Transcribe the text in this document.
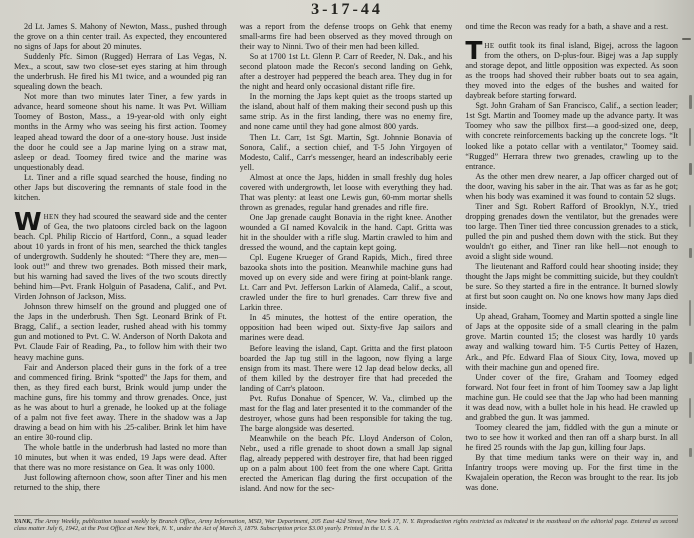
3-17-44

2d Lt. James S. Mahony of Newton, Mass., pushed through the grove on a thin center trail. As expected, they encountered no signs of Japs for about 20 minutes.

Suddenly Pfc. Simon (Rugged) Herrara of Las Vegas, N. Mex., a scout, saw two close-set eyes staring at him through the underbrush. He fired his M1 twice, and a wounded pig ran squealing down the beach.

Not more than two minutes later Tiner, a few yards in advance, heard someone shout his name. It was Pvt. William Toomey of Boston, Mass., a 19-year-old with only eight months in the Army who was seeing his first action. Toomey leaped ahead toward the door of a one-story house. Just inside the door he could see a Jap marine lying on a straw mat, asleep or dead. Toomey fired twice and the marine was unquestionably dead.

Lt. Tiner and a rifle squad searched the house, finding no other Japs but discovering the remnants of stale food in the kitchen.

WHEN they had scoured the seaward side and the center of Gea, the two platoons circled back on the lagoon beach. Cpl. Philip Riccio of Hartford, Conn., a squad leader about 10 yards in front of his men, searched the thick tangles of undergrowth. Suddenly he shouted: “There they are, men—look out!” and threw two grenades. Both missed their mark, but his warning had saved the lives of the two scouts directly behind him—Pvt. Frank Holguin of Pasadena, Calif., and Pvt. Virden Johnson of Jackson, Miss.

Johnson threw himself on the ground and plugged one of the Japs in the underbrush. Then Sgt. Leonard Brink of Ft. Bragg, Calif., a section leader, rushed ahead with his tommy gun and motioned to Pvt. C. W. Anderson of North Dakota and Pvt. Claude Fair of Reading, Pa., to follow him with their two heavy machine guns.

Fair and Anderson placed their guns in the fork of a tree and commenced firing. Brink “spotted” the Japs for them, and then, as they fired each burst, Brink would jump under the machine guns, fire his tommy and throw grenades. Once, just as he was about to hurl a grenade, he looked up at the foliage of a palm not five feet away. There in the shadow was a Jap drawing a bead on him with his .25-caliber. Brink let him have an entire 30-round clip.

The whole battle in the underbrush had lasted no more than 10 minutes, but when it was ended, 19 Japs were dead. After that there was no more resistance on Gea. It was only 1000.

Just following afternoon chow, soon after Tiner and his men returned to the ship, there

was a report from the defense troops on Gehk that enemy small-arms fire had been observed as they moved through on their way to Ninni. Two of their men had been killed.

So at 1700 1st Lt. Glenn P. Carr of Reeder, N. Dak., and his second platoon made the Recon's second landing on Gehk, after a destroyer had peppered the beach area. They dug in for the night and heard only occasional distant rifle fire.

In the morning the Japs kept quiet as the troops started up the island, about half of them making their second push up this same strip. As in the first landing, there was no enemy fire, and none came until they had gone almost 800 yards.

Then Lt. Carr, 1st Sgt. Martin, Sgt. Johnnie Bonavia of Sonora, Calif., a section chief, and T-5 John Yirgoyen of Modesto, Calif., Carr's messenger, heard an indescribably eerie yell.

Almost at once the Japs, hidden in small freshly dug holes covered with undergrowth, let loose with everything they had. That was plenty: at least one Lewis gun, 60-mm mortar shells thrown as grenades, regular hand grenades and rifle fire.

One Jap grenade caught Bonavia in the right knee. Another wounded a GI named Kovalcik in the hand. Capt. Gritta was hit in the shoulder with a rifle slug. Martin crawled to him and dressed the wound, and the captain kept going.

Cpl. Eugene Krueger of Grand Rapids, Mich., fired three bazooka shots into the position. Meanwhile machine guns had moved up on every side and were firing at point-blank range. Lt. Carr and Pvt. Jefferson Larkin of Alameda, Calif., a scout, crawled under the fire to hurl grenades. Carr threw five and Larkin three.

In 45 minutes, the hottest of the entire operation, the opposition had been wiped out. Sixty-five Jap sailors and marines were dead.

Before leaving the island, Capt. Gritta and the first platoon boarded the Jap tug still in the lagoon, now flying a large ensign from its mast. There were 12 Jap dead below decks, all of them killed by the destroyer fire that had preceded the landing of Carr's platoon.

Pvt. Rufus Donahue of Spencer, W. Va., climbed up the mast for the flag and later presented it to the commander of the destroyer, whose guns had been responsible for taking the tug. The barge alongside was deserted.

Meanwhile on the beach Pfc. Lloyd Anderson of Colon, Nebr., used a rifle grenade to shoot down a small Jap signal flag, already peppered with destroyer fire, that had been rigged up on a palm about 100 feet from the one where Capt. Gritta erected the American flag during the first occupation of the island. And now for the sec-

ond time the Recon was ready for a bath, a shave and a rest.

THE outfit took its final island, Bigej, across the lagoon from the others, on D-plus-four. Bigej was a Jap supply and storage depot, and little opposition was expected. As soon as the troops had shoved their rubber boats out to sea again, they moved into the edges of the bushes and waited for daybreak before starting forward.

Sgt. John Graham of San Francisco, Calif., a section leader; 1st Sgt. Martin and Toomey made up the advance party. It was Toomey who saw the pillbox first—a good-sized one, deep, with concrete reinforcements backing up the concrete logs. “It looked like a potato cellar with a ventilator,” Toomey said. “Rugged” Herrara threw two grenades, crawling up to the entrance.

As the other men drew nearer, a Jap officer charged out of the door, waving his saber in the air. That was as far as he got; when his body was examined it was found to contain 52 slugs.

Tiner and Sgt. Robert Rafford of Brooklyn, N.Y., tried dropping grenades down the ventilator, but the grenades were too large. Then Tiner tied three concussion grenades to a stick, pulled the pin and pushed them down with the stick. But they wouldn't go either, and Tiner ran like hell—not enough to avoid a slight side wound.

The lieutenant and Rafford could hear shooting inside; they thought the Japs might be committing suicide, but they couldn't be sure. So they started a fire in the entrance. It burned slowly at first but soon caught on. No one knows how many Japs died inside.

Up ahead, Graham, Toomey and Martin spotted a single line of Japs at the opposite side of a small clearing in the palm grove. Martin counted 15; the closest was hardly 10 yards away and walking toward him. T-5 Curtis Pettey of Hazen, Ark., and Pfc. Edward Flaa of Sioux City, Iowa, moved up with their machine gun and opened fire.

Under cover of the fire, Graham and Toomey edged forward. Not four feet in front of him Toomey saw a Jap light machine gun. He could see that the Jap who had been manning it was dead now, with a bullet hole in his head. He crawled up and grabbed the gun. It was jammed.

Toomey cleared the jam, fiddled with the gun a minute or two to see how it worked and then ran off a sharp burst. In all he fired 25 rounds with the Jap gun, killing four Japs.

By that time medium tanks were on their way in, and Infantry troops were moving up. For the first time in the Kwajalein operation, the Recon was brought to the rear. Its job was done.

YANK, The Army Weekly, publication issued weekly by Branch Office, Army Information, MSD, War Department, 205 East 42d Street, New York 17, N. Y. Reproduction rights restricted as indicated in the masthead on the editorial page. Entered as second class matter July 6, 1942, at the Post Office at New York, N. Y., under the Act of March 3, 1879. Subscription price $3.00 yearly. Printed in the U. S. A.
